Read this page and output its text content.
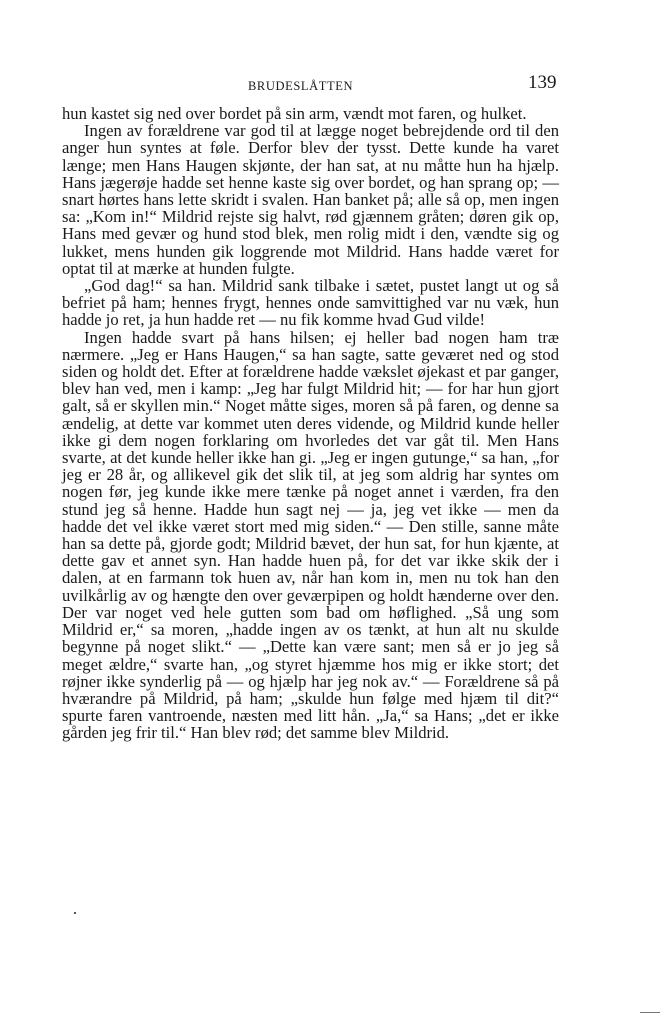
BRUDESLÅTTEN	139

hun kastet sig ned over bordet på sin arm, vændt mot faren, og hulket.

Ingen av forældrene var god til at lægge noget bebrejdende ord til den anger hun syntes at føle. Derfor blev der tysst. Dette kunde ha varet længe; men Hans Haugen skjønte, der han sat, at nu måtte hun ha hjælp. Hans jægerøje hadde set henne kaste sig over bordet, og han sprang op; — snart hørtes hans lette skridt i svalen. Han banket på; alle så op, men ingen sa: „Kom in!“ Mildrid rejste sig halvt, rød gjænnem gråten; døren gik op, Hans med gevær og hund stod blek, men rolig midt i den, vændte sig og lukket, mens hunden gik loggrende mot Mildrid. Hans hadde været for optat til at mærke at hunden fulgte.

„God dag!“ sa han. Mildrid sank tilbake i sætet, pustet langt ut og så befriet på ham; hennes frygt, hennes onde samvittighed var nu væk, hun hadde jo ret, ja hun hadde ret — nu fik komme hvad Gud vilde!

Ingen hadde svart på hans hilsen; ej heller bad nogen ham træ nærmere. „Jeg er Hans Haugen,“ sa han sagte, satte geværet ned og stod siden og holdt det. Efter at forældrene hadde vækslet øjekast et par ganger, blev han ved, men i kamp: „Jeg har fulgt Mildrid hit; — for har hun gjort galt, så er skyllen min.“ Noget måtte siges, moren så på faren, og denne sa ændelig, at dette var kommet uten deres vidende, og Mildrid kunde heller ikke gi dem nogen forklaring om hvorledes det var gåt til. Men Hans svarte, at det kunde heller ikke han gi. „Jeg er ingen gutunge,“ sa han, „for jeg er 28 år, og allikevel gik det slik til, at jeg som aldrig har syntes om nogen før, jeg kunde ikke mere tænke på noget annet i værden, fra den stund jeg så henne. Hadde hun sagt nej — ja, jeg vet ikke — men da hadde det vel ikke været stort med mig siden.“ — Den stille, sanne måte han sa dette på, gjorde godt; Mildrid bævet, der hun sat, for hun kjænte, at dette gav et annet syn. Han hadde huen på, for det var ikke skik der i dalen, at en farmann tok huen av, når han kom in, men nu tok han den uvilkårlig av og hængte den over geværpipen og holdt hænderne over den. Der var noget ved hele gutten som bad om høflighed. „Så ung som Mildrid er,“ sa moren, „hadde ingen av os tænkt, at hun alt nu skulde begynne på noget slikt.“ — „Dette kan være sant; men så er jo jeg så meget ældre,“ svarte han, „og styret hjæmme hos mig er ikke stort; det røjner ikke synderlig på — og hjælp har jeg nok av.“ — Forældrene så på hværandre på Mildrid, på ham; „skulde hun følge med hjæm til dit?“ spurte faren vantroende, næsten med litt hån. „Ja,“ sa Hans; „det er ikke gården jeg frir til.“ Han blev rød; det samme blev Mildrid.
